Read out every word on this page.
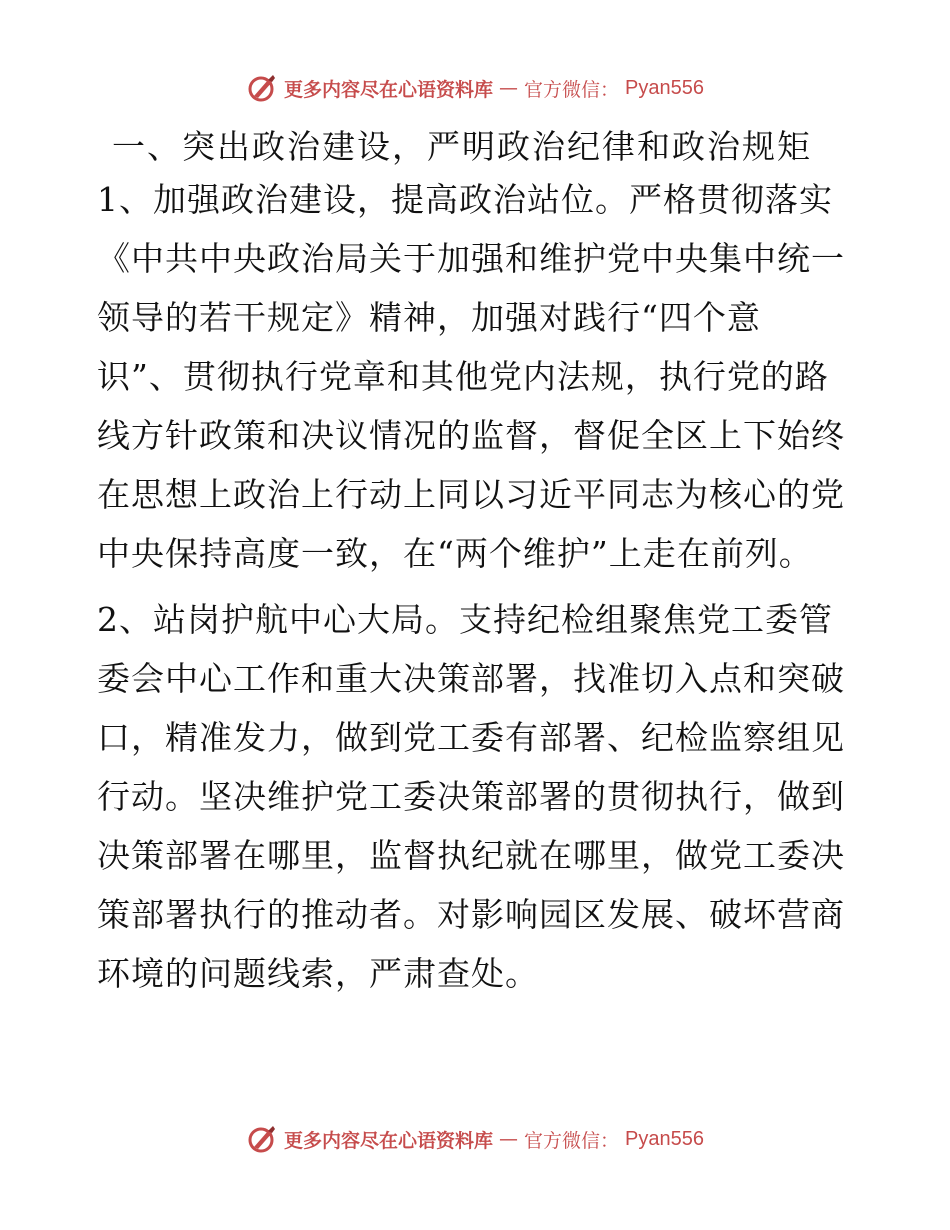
更多内容尽在心语资料库 — 官方微信： Pyan556
一、突出政治建设，严明政治纪律和政治规矩
1、加强政治建设，提高政治站位。严格贯彻落实
《中共中央政治局关于加强和维护党中央集中统一
领导的若干规定》精神，加强对践行“四个意
识”、贯彻执行党章和其他党内法规，执行党的路
线方针政策和决议情况的监督，督促全区上下始终
在思想上政治上行动上同以习近平同志为核心的党
中央保持高度一致，在“两个维护”上走在前列。
2、站岗护航中心大局。支持纪检组聚焦党工委管
委会中心工作和重大决策部署，找准切入点和突破
口，精准发力，做到党工委有部署、纪检监察组见
行动。坚决维护党工委决策部署的贯彻执行，做到
决策部署在哪里，监督执纪就在哪里，做党工委决
策部署执行的推动者。对影响园区发展、破坏营商
环境的问题线索，严肃查处。
更多内容尽在心语资料库 — 官方微信： Pyan556
